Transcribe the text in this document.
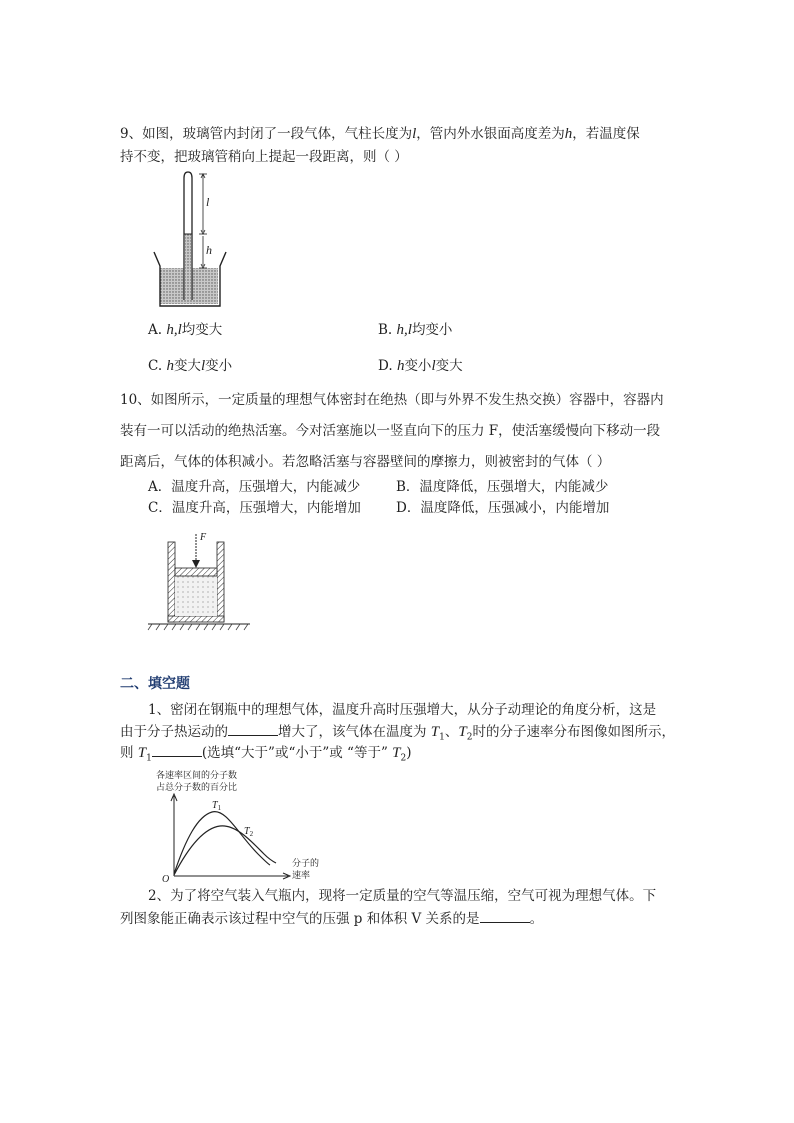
9、如图，玻璃管内封闭了一段气体，气柱长度为l，管内外水银面高度差为h，若温度保
持不变，把玻璃管稍向上提起一段距离，则（ ）
l
h
A. h,l均变大	B. h,l均变小
C. h变大l变小	D. h变小l变大
10、如图所示，一定质量的理想气体密封在绝热（即与外界不发生热交换）容器中，容器内
装有一可以活动的绝热活塞。今对活塞施以一竖直向下的压力 F，使活塞缓慢向下移动一段
距离后，气体的体积减小。若忽略活塞与容器壁间的摩擦力，则被密封的气体（ ）
A．温度升高，压强增大，内能减少	B．温度降低，压强增大，内能减少
C．温度升高，压强增大，内能增加	D．温度降低，压强减小，内能增加
F
二、填空题
1、密闭在钢瓶中的理想气体，温度升高时压强增大，从分子动理论的角度分析，这是
由于分子热运动的	增大了，该气体在温度为 $T_1$、$T_2$时的分子速率分布图像如图所示，
则 $T_1$	(选填“大于”或“小于”或 “等于” $T_2$)
各速率区间的分子数
占总分子数的百分比
$T_1$
$T_2$
O
分子的
速率
2、为了将空气装入气瓶内，现将一定质量的空气等温压缩，空气可视为理想气体。下
列图象能正确表示该过程中空气的压强 p 和体积 V 关系的是	。
